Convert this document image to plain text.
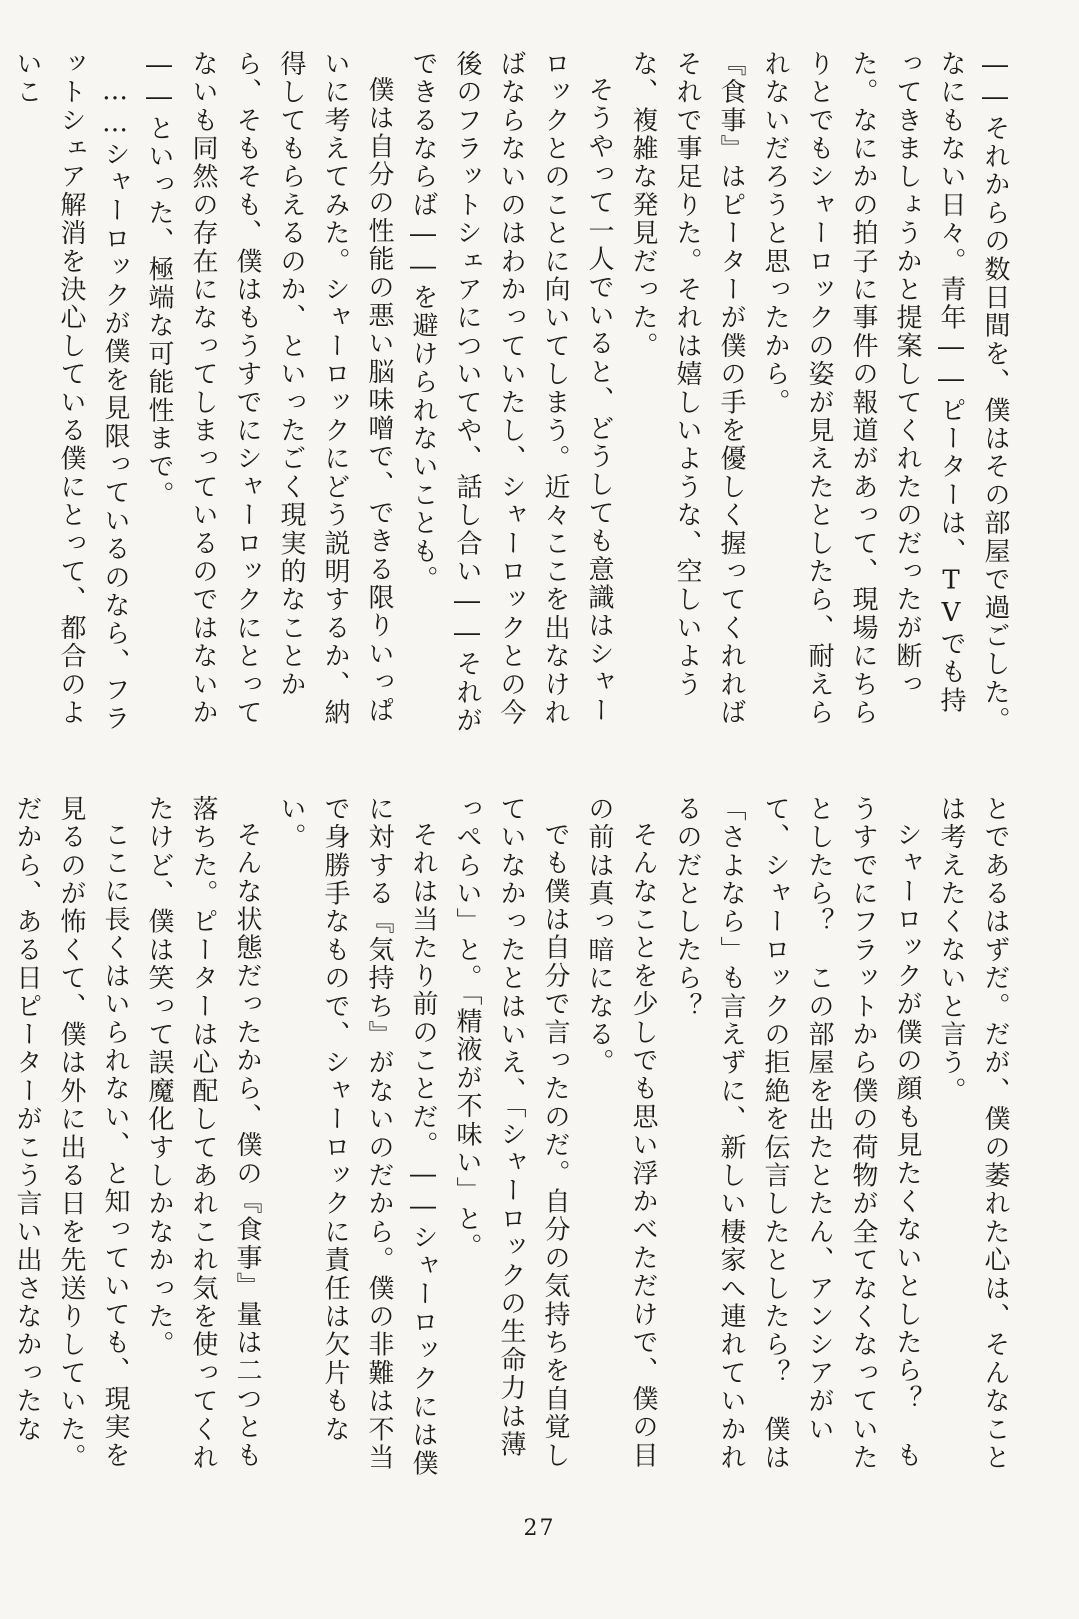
――それからの数日間を、僕はその部屋で過ごした。
なにもない日々。青年――ピーターは、TVでも持ってきましょうかと提案してくれたのだったが断った。なにかの拍子に事件の報道があって、現場にちらりとでもシャーロックの姿が見えたとしたら、耐えられないだろうと思ったから。
『食事』はピーターが僕の手を優しく握ってくれればそれで事足りた。それは嬉しいような、空しいような、複雑な発見だった。
そうやって一人でいると、どうしても意識はシャーロックとのことに向いてしまう。近々ここを出なければならないのはわかっていたし、シャーロックとの今後のフラットシェアについてや、話し合い――それができるならば――を避けられないことも。
僕は自分の性能の悪い脳味噌で、できる限りいっぱいに考えてみた。シャーロックにどう説明するか、納得してもらえるのか、といったごく現実的なことから、そもそも、僕はもうすでにシャーロックにとってないも同然の存在になってしまっているのではないか――といった、極端な可能性まで。
……シャーロックが僕を見限っているのなら、フラットシェア解消を決心している僕にとって、都合のよいこ
とであるはずだ。だが、僕の萎れた心は、そんなことは考えたくないと言う。
シャーロックが僕の顔も見たくないとしたら？　もうすでにフラットから僕の荷物が全てなくなっていたとしたら？　この部屋を出たとたん、アンシアがいて、シャーロックの拒絶を伝言したとしたら？　僕は「さよなら」も言えずに、新しい棲家へ連れていかれるのだとしたら？
そんなことを少しでも思い浮かべただけで、僕の目の前は真っ暗になる。
でも僕は自分で言ったのだ。自分の気持ちを自覚していなかったとはいえ、「シャーロックの生命力は薄っぺらい」と。「精液が不味い」と。
それは当たり前のことだ。――シャーロックには僕に対する『気持ち』がないのだから。僕の非難は不当で身勝手なもので、シャーロックに責任は欠片もない。
そんな状態だったから、僕の『食事』量は二つとも落ちた。ピーターは心配してあれこれ気を使ってくれたけど、僕は笑って誤魔化すしかなかった。
ここに長くはいられない、と知っていても、現実を見るのが怖くて、僕は外に出る日を先送りしていた。だから、ある日ピーターがこう言い出さなかったな
27
